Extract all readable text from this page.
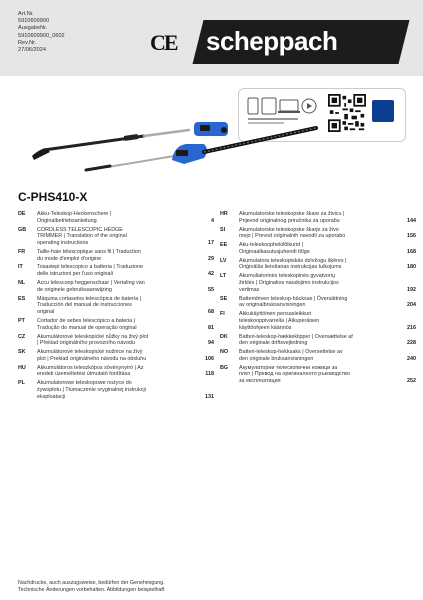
Art.Nr.
5910609900
AusgabeNr.
5910609900_0602
Rev.Nr.
27/06/2024	CE scheppach
C-PHS410-X
DE	Akku-Teleskop-Heckenschere |
Originalbetriebsanleitung	4
GB	CORDLESS TELESCOPIC HEDGE
TRIMMER | Translation of the original
operating instructions	17
FR	Taille-haie télescopique sans fil | Traduction
du mode d'emploi d'origine	29
IT	Tosasiepi telescopico a batteria | Traduzione
delle istruzioni per l'uso originali	42
NL	Accu telescoop heggenschaar | Vertaling van
de originele gebruiksaanwijzing	55
ES	Máquina cortasetos telescópica de batería |
Traducción del manual de instrucciones
original	68
PT	Cortador de sebes telescópico a bateria |
Tradução do manual de operação original	81
CZ	Akumulátorové teleskopické nůžky na živý plot
| Překlad originálního provozního návodu	94
SK	Akumulátorové teleskopické nožnice na živý
plot | Preklad originálneho návodu na obsluhu	106
HU	Akkumulátoros teleszkópos sövénynyíró | Az
eredeti üzemeltetési útmutató fordítása	118
PL	Akumulatorowe teleskopowe nożyce do
żywopłotu | Tłumaczenie oryginalnej instrukcji
eksploatacji	131
HR	Akumulatorske teleskopske škare za živicu |
Prijevod originalnog priručnika za uporabu	144
SI	Akumulatorske teleskopske škarje za živo
mejo | Prevod originalnih navodil za uporabo	156
EE	Aku-teleskoophekilõikurid |
Originaalkasutusjuhendi tõlge	168
LV	Akumulatora teleskopiskās dzīvžogu šķēres |
Oriģinālās lietošanas instrukcijas tulkojums	180
LT	Akumuliatorinės teleskopinės gyvatvorių
žirklės | Originalios naudojimo instrukcijos
vertimas	192
SE	Batteridriven teleskop-häcksax | Översättning
av originalbruksanvisningen	204
FI	Akkukäyttöinen pensasleikkuri
teleskooppivarrella | Alkuperäisen
käyttöohjeen käännös	216
DK	Batteri-teleskop-hækkeklipper | Oversættelse af
den originale driftsvejledning	228
NO	Batteri-teleskop-hekksaks | Oversettelse av
den originale bruksanvisningen	240
BG	Акумулаторни телескопични ножици за
плет | Превод на оригиналното ръководство
за експлоатация	252
Nachdrucke, auch auszugsweise, bedürfen der Genehmigung.
Technische Änderungen vorbehalten. Abbildungen beispielhaft
